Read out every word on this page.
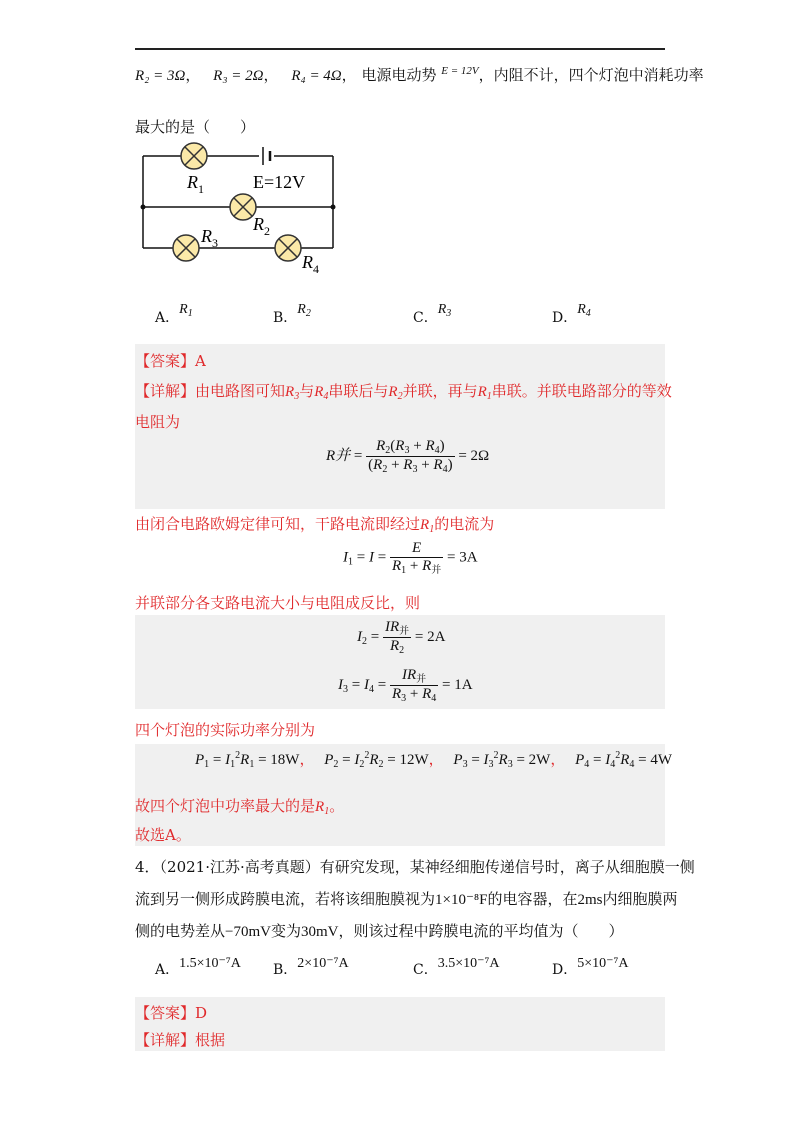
R₂ = 3Ω， R₃ = 2Ω， R₄ = 4Ω， 电源电动势 $^{E = 12V}$，内阻不计，四个灯泡中消耗功率
最大的是（　　）
$R_1$	E=12V
$R_2$
$R_3$
$R_4$
A．$R_1$	B．$R_2$	C．$R_3$	D．$R_4$
【答案】A
【详解】由电路图可知$R_3$与$R_4$串联后与$R_2$并联，再与$R_1$串联。并联电路部分的等效
电阻为
R并 = $\frac{R_2(R_3 + R_4)}{(R_2 + R_3 + R_4)} = 2\Omega$
由闭合电路欧姆定律可知，干路电流即经过$R_1$的电流为
$I_1 = I = \frac{E}{R_1 + R_并} = 3A$
并联部分各支路电流大小与电阻成反比，则
$I_2 = \frac{IR_并}{R_2} = 2A$
$I_3 = I_4 = \frac{IR_并}{R_3 + R_4} = 1A$
四个灯泡的实际功率分别为
$P_1 = I_1^2R_1 = 18W$， $P_2 = I_2^2R_2 = 12W$， $P_3 = I_3^2R_3 = 2W$， $P_4 = I_4^2R_4 = 4W$
故四个灯泡中功率最大的是$R_1$。
故选A。
4．（2021·江苏·高考真题）有研究发现，某神经细胞传递信号时，离子从细胞膜一侧
流到另一侧形成跨膜电流，若将该细胞膜视为1×10⁻⁸F的电容器，在2ms内细胞膜两
侧的电势差从−70mV变为30mV，则该过程中跨膜电流的平均值为（　　）
A．1.5×10⁻⁷A B．2×10⁻⁷A	C．3.5×10⁻⁷A	D．5×10⁻⁷A
【答案】D
【详解】根据
